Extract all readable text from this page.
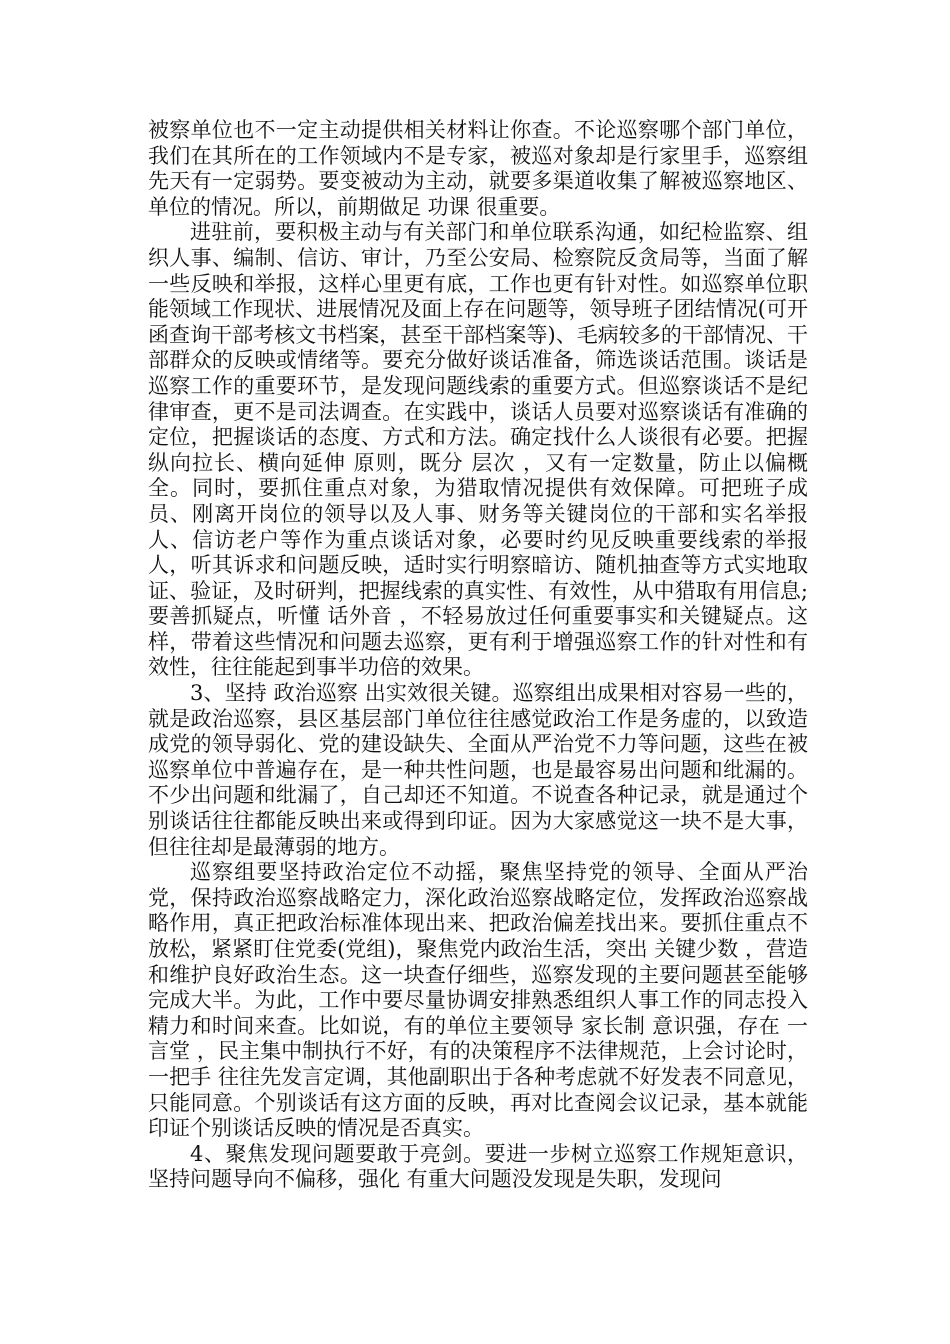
被察单位也不一定主动提供相关材料让你查。不论巡察哪个部门单位，我们在其所在的工作领域内不是专家，被巡对象却是行家里手，巡察组先天有一定弱势。要变被动为主动，就要多渠道收集了解被巡察地区、单位的情况。所以，前期做足 功课 很重要。

进驻前，要积极主动与有关部门和单位联系沟通，如纪检监察、组织人事、编制、信访、审计，乃至公安局、检察院反贪局等，当面了解一些反映和举报，这样心里更有底，工作也更有针对性。如巡察单位职能领域工作现状、进展情况及面上存在问题等，领导班子团结情况(可开函查询干部考核文书档案，甚至干部档案等)、毛病较多的干部情况、干部群众的反映或情绪等。要充分做好谈话准备，筛选谈话范围。谈话是巡察工作的重要环节，是发现问题线索的重要方式。但巡察谈话不是纪律审查，更不是司法调查。在实践中，谈话人员要对巡察谈话有准确的定位，把握谈话的态度、方式和方法。确定找什么人谈很有必要。把握 纵向拉长、横向延伸 原则，既分 层次 ，又有一定数量，防止以偏概全。同时，要抓住重点对象，为猎取情况提供有效保障。可把班子成员、刚离开岗位的领导以及人事、财务等关键岗位的干部和实名举报人、信访老户等作为重点谈话对象，必要时约见反映重要线索的举报人，听其诉求和问题反映，适时实行明察暗访、随机抽查等方式实地取证、验证，及时研判，把握线索的真实性、有效性，从中猎取有用信息;要善抓疑点，听懂 话外音 ，不轻易放过任何重要事实和关键疑点。这样，带着这些情况和问题去巡察，更有利于增强巡察工作的针对性和有效性，往往能起到事半功倍的效果。

3、坚持 政治巡察 出实效很关键。巡察组出成果相对容易一些的，就是政治巡察，县区基层部门单位往往感觉政治工作是务虚的，以致造成党的领导弱化、党的建设缺失、全面从严治党不力等问题，这些在被巡察单位中普遍存在，是一种共性问题，也是最容易出问题和纰漏的。不少出问题和纰漏了，自己却还不知道。不说查各种记录，就是通过个别谈话往往都能反映出来或得到印证。因为大家感觉这一块不是大事，但往往却是最薄弱的地方。

巡察组要坚持政治定位不动摇，聚焦坚持党的领导、全面从严治党，保持政治巡察战略定力，深化政治巡察战略定位，发挥政治巡察战略作用，真正把政治标准体现出来、把政治偏差找出来。要抓住重点不放松，紧紧盯住党委(党组)，聚焦党内政治生活，突出 关键少数 ，营造和维护良好政治生态。这一块查仔细些，巡察发现的主要问题甚至能够完成大半。为此，工作中要尽量协调安排熟悉组织人事工作的同志投入精力和时间来查。比如说，有的单位主要领导 家长制 意识强，存在 一言堂 ，民主集中制执行不好，有的决策程序不法律规范，上会讨论时， 一把手 往往先发言定调，其他副职出于各种考虑就不好发表不同意见，只能同意。个别谈话有这方面的反映，再对比查阅会议记录，基本就能印证个别谈话反映的情况是否真实。

4、聚焦发现问题要敢于亮剑。要进一步树立巡察工作规矩意识，坚持问题导向不偏移，强化 有重大问题没发现是失职，发现问
